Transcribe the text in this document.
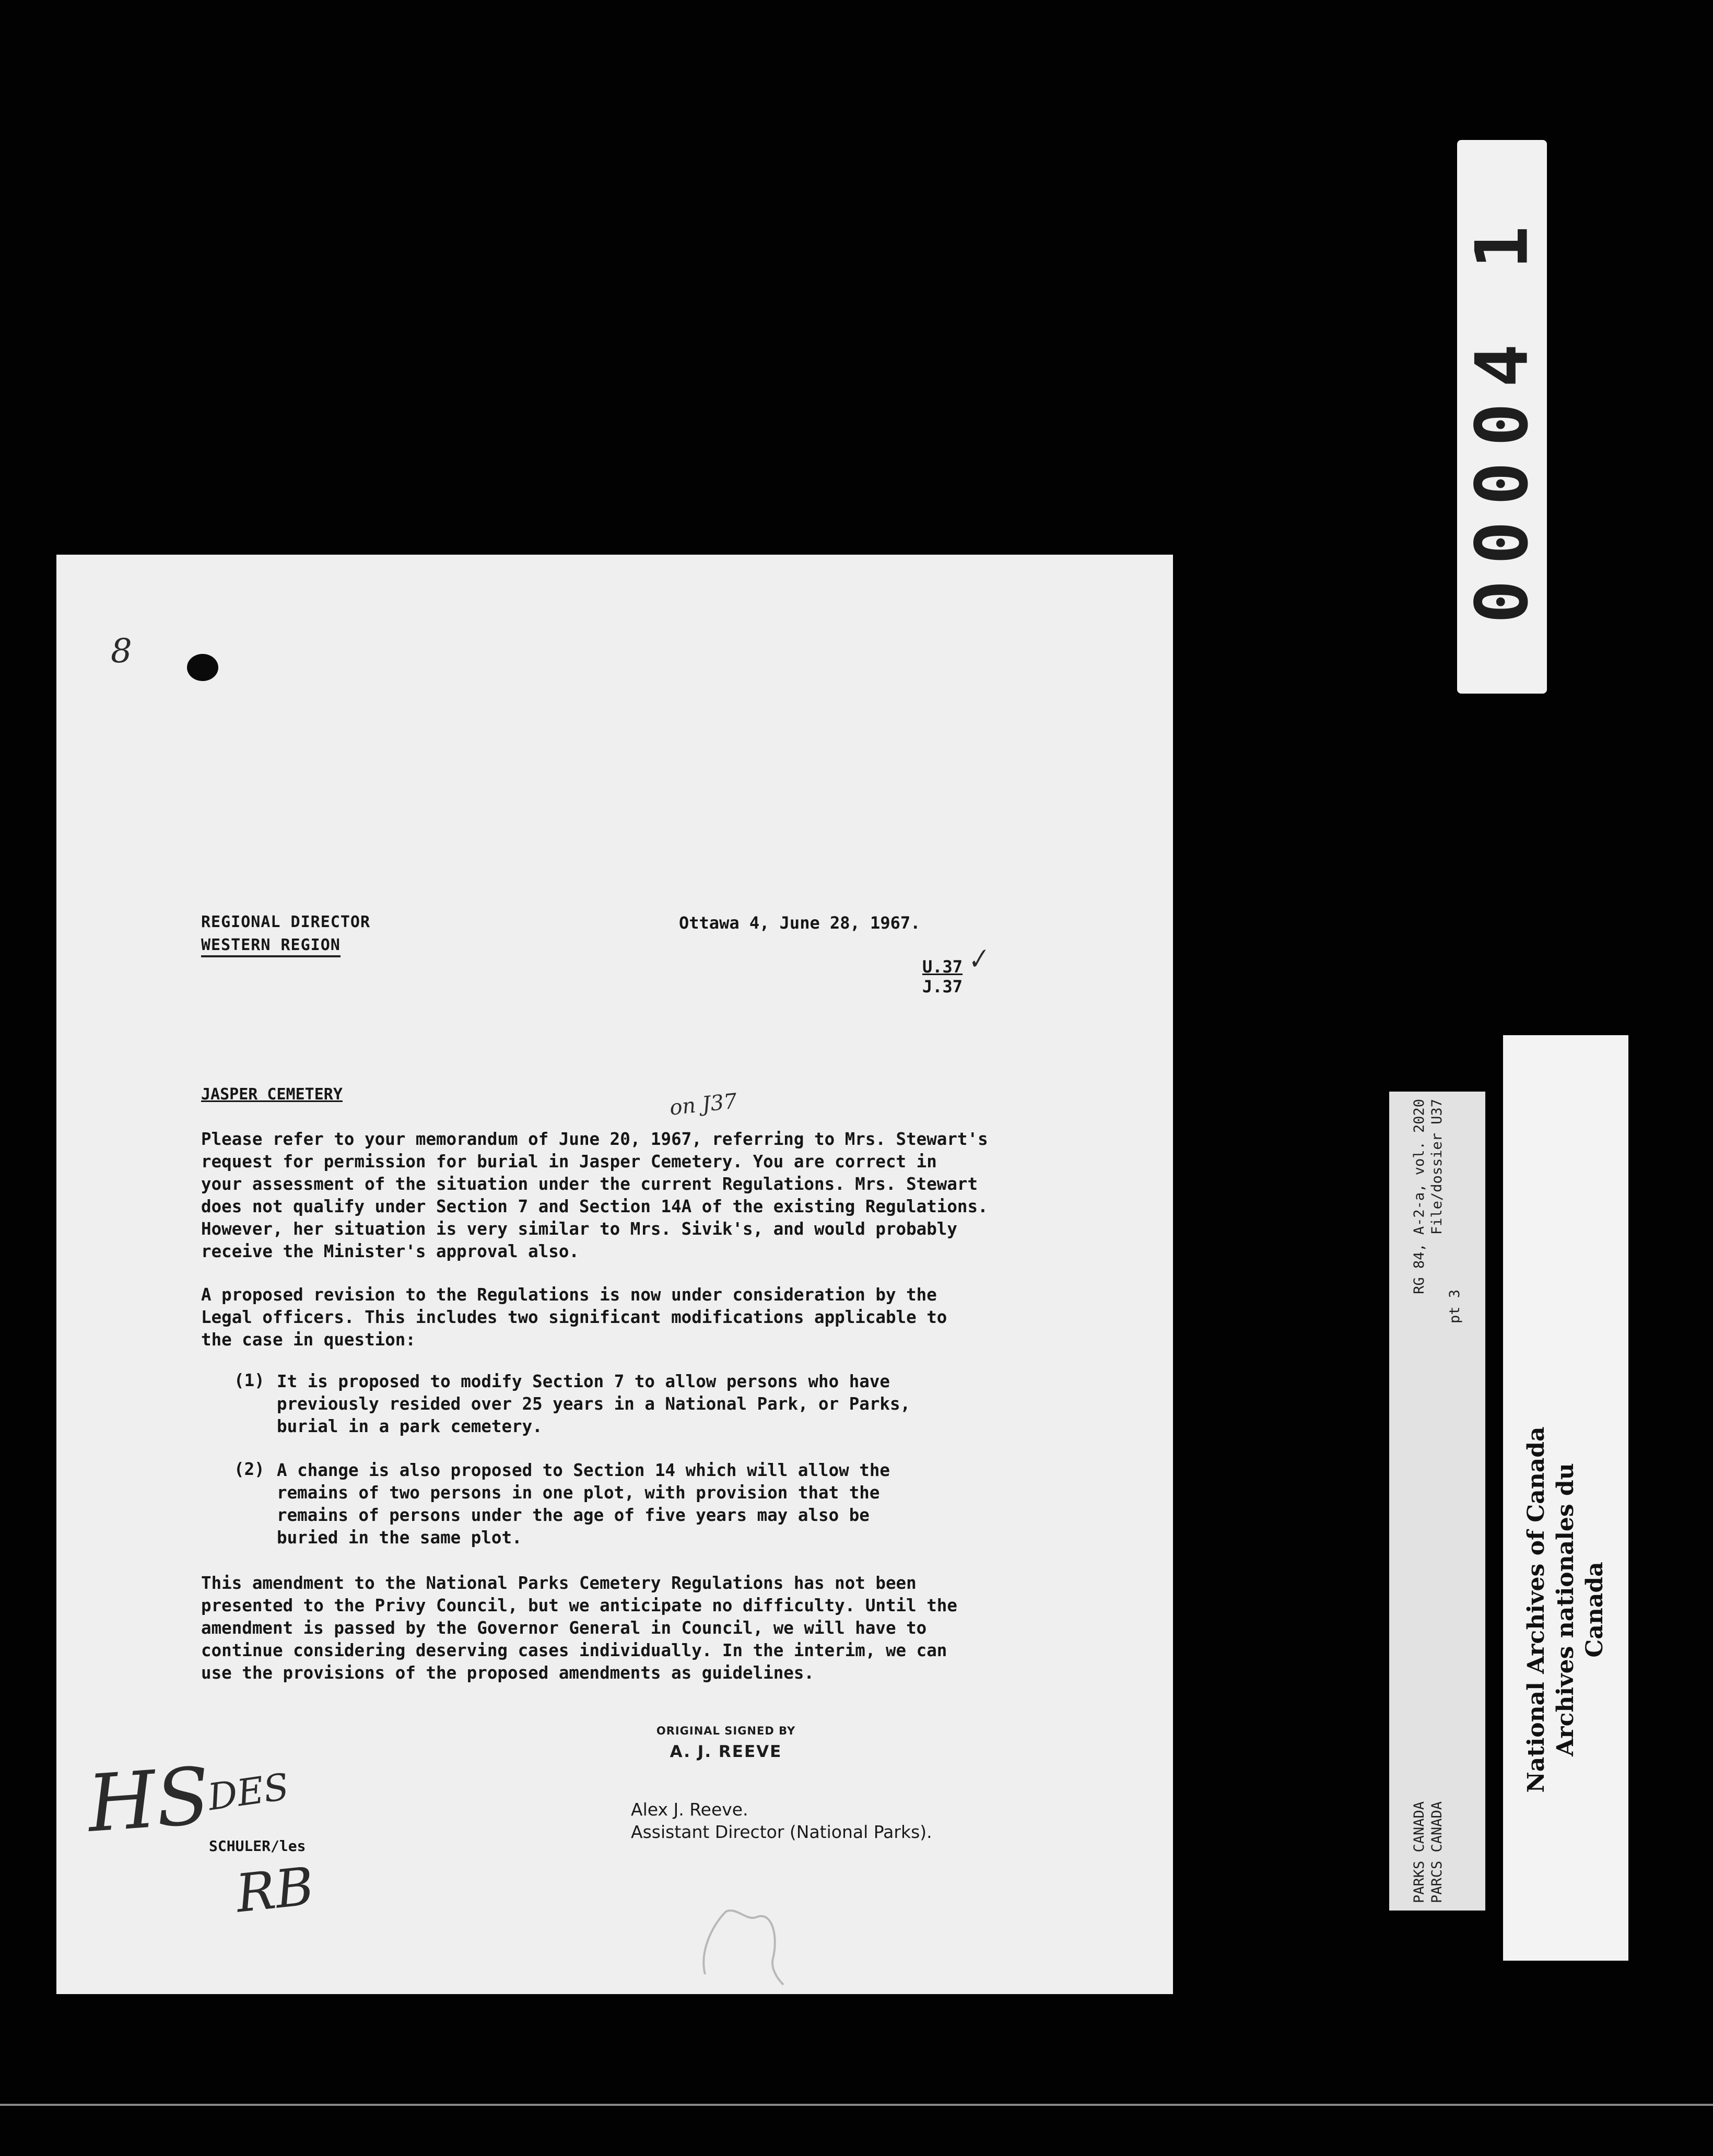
00004 1
8
REGIONAL DIRECTOR
WESTERN REGION
Ottawa 4, June 28, 1967.
U.37 ✓
J.37
JASPER CEMETERY	on J37

Please refer to your memorandum of June 20, 1967, referring to Mrs. Stewart's
request for permission for burial in Jasper Cemetery. You are correct in
your assessment of the situation under the current Regulations. Mrs. Stewart
does not qualify under Section 7 and Section 14A of the existing Regulations.
However, her situation is very similar to Mrs. Sivik's, and would probably
receive the Minister's approval also.

A proposed revision to the Regulations is now under consideration by the
Legal officers. This includes two significant modifications applicable to
the case in question:

(1) It is proposed to modify Section 7 to allow persons who have
previously resided over 25 years in a National Park, or Parks,
burial in a park cemetery.

(2) A change is also proposed to Section 14 which will allow the
remains of two persons in one plot, with provision that the
remains of persons under the age of five years may also be
buried in the same plot.

This amendment to the National Parks Cemetery Regulations has not been
presented to the Privy Council, but we anticipate no difficulty. Until the
amendment is passed by the Governor General in Council, we will have to
continue considering deserving cases individually. In the interim, we can
use the provisions of the proposed amendments as guidelines.

ORIGINAL SIGNED BY
A. J. REEVE
Alex J. Reeve.
Assistant Director (National Parks).
HS
DES
SCHULER/les
RB	PARKS CANADA
RG 84, A-2-a, vol. 2020
PARCS CANADA
File/dossier U37
pt 3
National Archives of Canada Archives nationales du Canada
